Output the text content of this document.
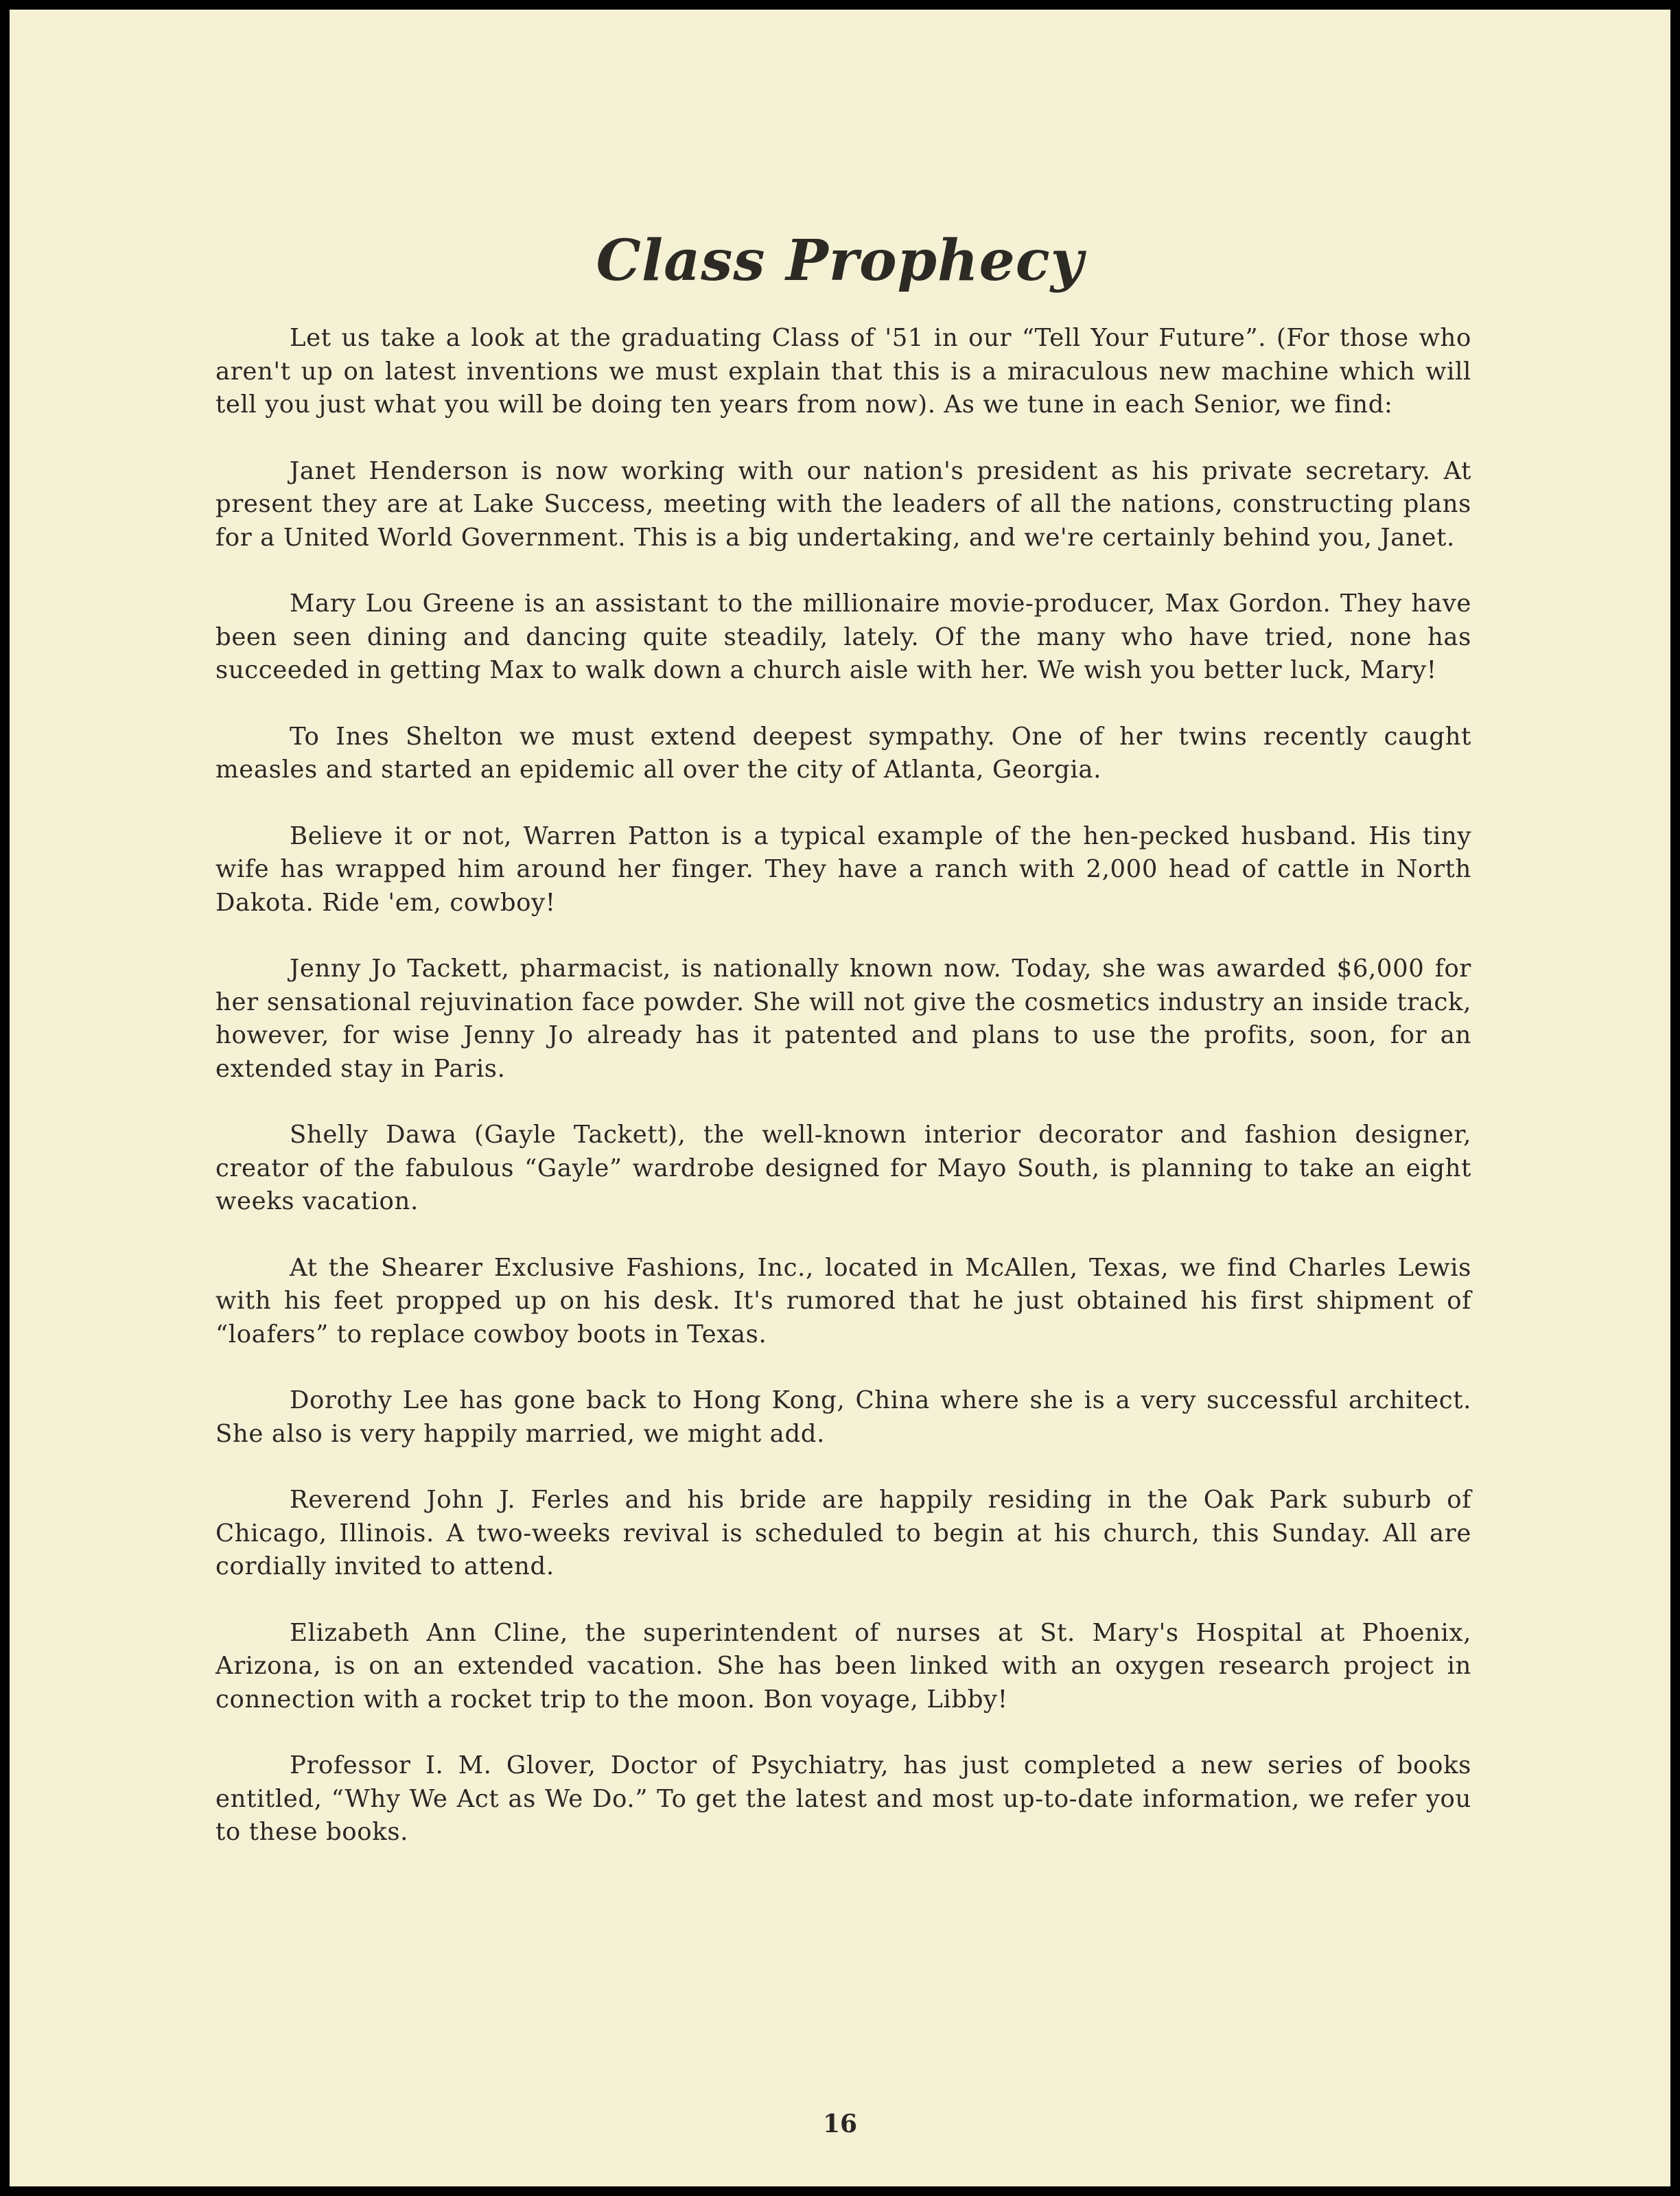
Class Prophecy

Let us take a look at the graduating Class of '51 in our “Tell Your Future”. (For those who aren't up on latest inventions we must explain that this is a miraculous new machine which will tell you just what you will be doing ten years from now). As we tune in each Senior, we find:

Janet Henderson is now working with our nation's president as his private secretary. At present they are at Lake Success, meeting with the leaders of all the nations, constructing plans for a United World Government. This is a big undertaking, and we're certainly behind you, Janet.

Mary Lou Greene is an assistant to the millionaire movie-producer, Max Gordon. They have been seen dining and dancing quite steadily, lately. Of the many who have tried, none has succeeded in getting Max to walk down a church aisle with her. We wish you better luck, Mary!

To Ines Shelton we must extend deepest sympathy. One of her twins recently caught measles and started an epidemic all over the city of Atlanta, Georgia.

Believe it or not, Warren Patton is a typical example of the hen-pecked husband. His tiny wife has wrapped him around her finger. They have a ranch with 2,000 head of cattle in North Dakota. Ride 'em, cowboy!

Jenny Jo Tackett, pharmacist, is nationally known now. Today, she was awarded $6,000 for her sensational rejuvination face powder. She will not give the cosmetics industry an inside track, however, for wise Jenny Jo already has it patented and plans to use the profits, soon, for an extended stay in Paris.

Shelly Dawa (Gayle Tackett), the well-known interior decorator and fashion designer, creator of the fabulous “Gayle” wardrobe designed for Mayo South, is planning to take an eight weeks vacation.

At the Shearer Exclusive Fashions, Inc., located in McAllen, Texas, we find Charles Lewis with his feet propped up on his desk. It's rumored that he just obtained his first shipment of “loafers” to replace cowboy boots in Texas.

Dorothy Lee has gone back to Hong Kong, China where she is a very successful architect. She also is very happily married, we might add.

Reverend John J. Ferles and his bride are happily residing in the Oak Park suburb of Chicago, Illinois. A two-weeks revival is scheduled to begin at his church, this Sunday. All are cordially invited to attend.

Elizabeth Ann Cline, the superintendent of nurses at St. Mary's Hospital at Phoenix, Arizona, is on an extended vacation. She has been linked with an oxygen research project in connection with a rocket trip to the moon. Bon voyage, Libby!

Professor I. M. Glover, Doctor of Psychiatry, has just completed a new series of books entitled, “Why We Act as We Do.” To get the latest and most up-to-date information, we refer you to these books.

16
